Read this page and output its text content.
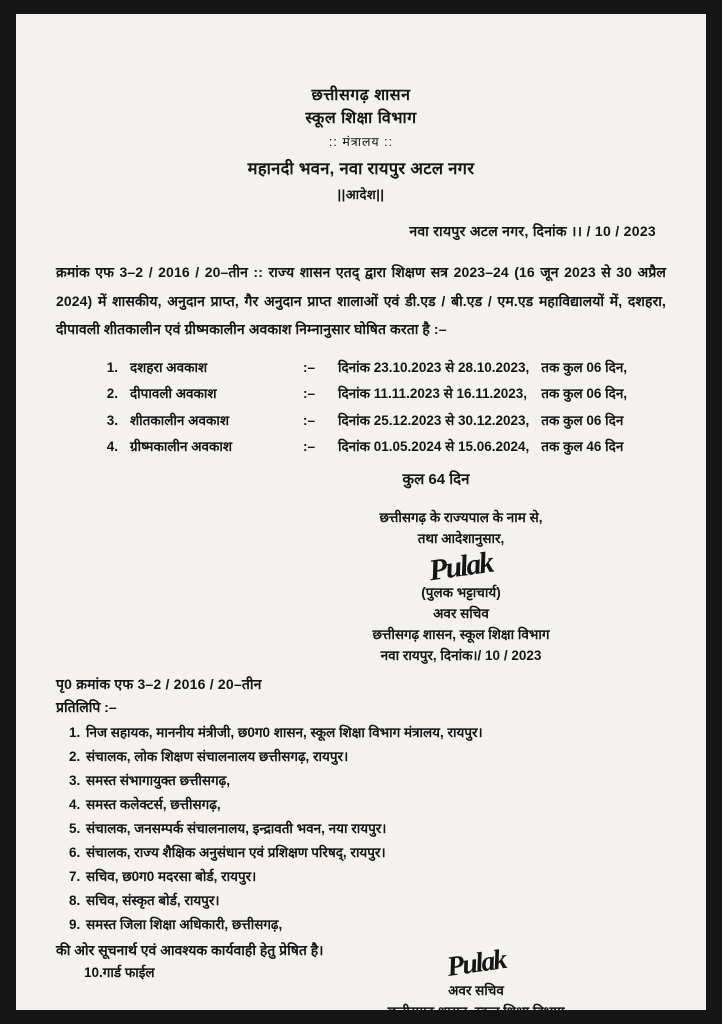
छत्तीसगढ़ शासन
स्कूल शिक्षा विभाग
:: मंत्रालय ::
महानदी भवन, नवा रायपुर अटल नगर
||आदेश||
नवा रायपुर अटल नगर, दिनांक ।। / 10 / 2023
क्रमांक एफ 3–2 / 2016 / 20–तीन :: राज्य शासन एतद् द्वारा शिक्षण सत्र 2023–24 (16 जून 2023 से 30 अप्रैल 2024) में शासकीय, अनुदान प्राप्त, गैर अनुदान प्राप्त शालाओं एवं डी.एड / बी.एड / एम.एड महाविद्यालयों में, दशहरा, दीपावली शीतकालीन एवं ग्रीष्मकालीन अवकाश निम्नानुसार घोषित करता है :–
1.	दशहरा अवकाश	:–	दिनांक 23.10.2023 से 28.10.2023,	तक कुल 06 दिन,
2.	दीपावली अवकाश	:–	दिनांक 11.11.2023 से 16.11.2023,	तक कुल 06 दिन,
3.	शीतकालीन अवकाश	:–	दिनांक 25.12.2023 से 30.12.2023,	तक कुल 06 दिन
4.	ग्रीष्मकालीन अवकाश	:–	दिनांक 01.05.2024 से 15.06.2024,	तक कुल 46 दिन
कुल 64 दिन
छत्तीसगढ़ के राज्यपाल के नाम से,
तथा आदेशानुसार,
Pulak
(पुलक भट्टाचार्य)
अवर सचिव
छत्तीसगढ़ शासन, स्कूल शिक्षा विभाग
नवा रायपुर, दिनांक।/ 10 / 2023
पृ0 क्रमांक एफ 3–2 / 2016 / 20–तीन
प्रतिलिपि :–
1. निज सहायक, माननीय मंत्रीजी, छ0ग0 शासन, स्कूल शिक्षा विभाग मंत्रालय, रायपुर।
2. संचालक, लोक शिक्षण संचालनालय छत्तीसगढ़, रायपुर।
3. समस्त संभागायुक्त छत्तीसगढ़,
4. समस्त कलेक्टर्स, छत्तीसगढ़,
5. संचालक, जनसम्पर्क संचालनालय, इन्द्रावती भवन, नया रायपुर।
6. संचालक, राज्य शैक्षिक अनुसंधान एवं प्रशिक्षण परिषद्, रायपुर।
7. सचिव, छ0ग0 मदरसा बोर्ड, रायपुर।
8. सचिव, संस्कृत बोर्ड, रायपुर।
9. समस्त जिला शिक्षा अधिकारी, छत्तीसगढ़,
की ओर सूचनार्थ एवं आवश्यक कार्यवाही हेतु प्रेषित है।
10.गार्ड फाईल	Pulak
अवर सचिव
छत्तीसगढ़ शासन, स्कूल शिक्षा विभाग
